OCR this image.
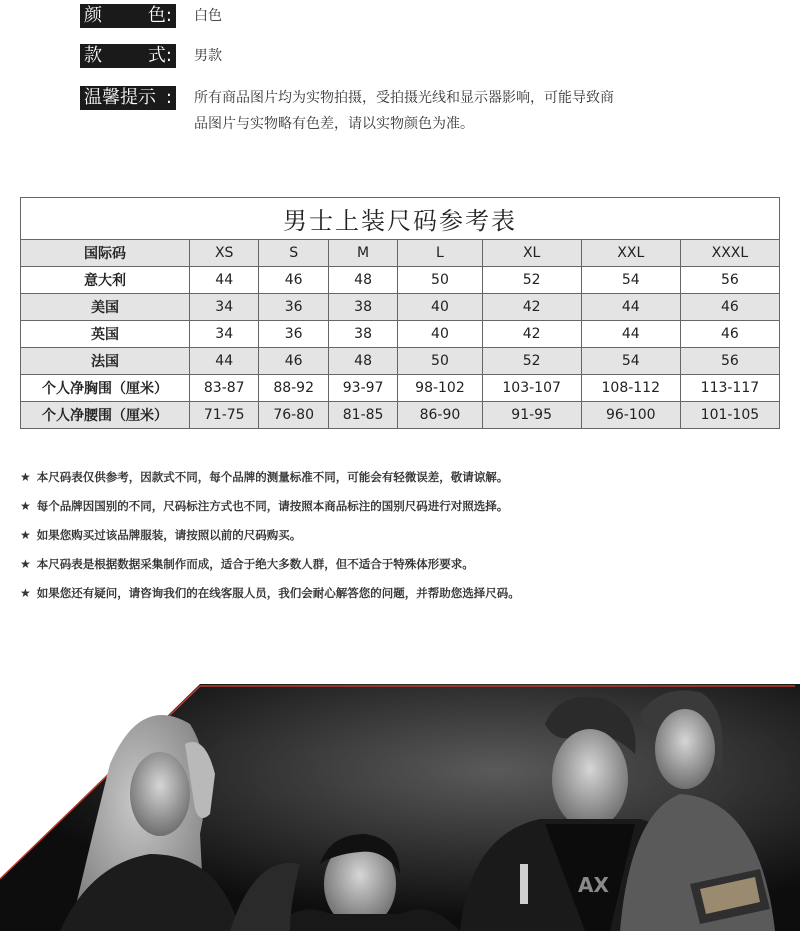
颜	色: 白色
款	式: 男款
温馨提示 : 所有商品图片均为实物拍摄，受拍摄光线和显示器影响，可能导致商
品图片与实物略有色差，请以实物颜色为准。
男士上装尺码参考表							
国际码	XS	S	M	L	XL	XXL	XXXL
意大利	44	46	48	50	52	54	56
美国	34	36	38	40	42	44	46
英国	34	36	38	40	42	44	46
法国	44	46	48	50	52	54	56
个人净胸围（厘米）	83-87	88-92	93-97	98-102	103-107	108-112	113-117
个人净腰围（厘米）	71-75	76-80	81-85	86-90	91-95	96-100	101-105
★ 本尺码表仅供参考，因款式不同，每个品牌的测量标准不同，可能会有轻微误差，敬请谅解。
★ 每个品牌因国别的不同，尺码标注方式也不同，请按照本商品标注的国别尺码进行对照选择。
★ 如果您购买过该品牌服装，请按照以前的尺码购买。
★ 本尺码表是根据数据采集制作而成，适合于绝大多数人群，但不适合于特殊体形要求。
★ 如果您还有疑问，请咨询我们的在线客服人员，我们会耐心解答您的问题，并帮助您选择尺码。
AX
